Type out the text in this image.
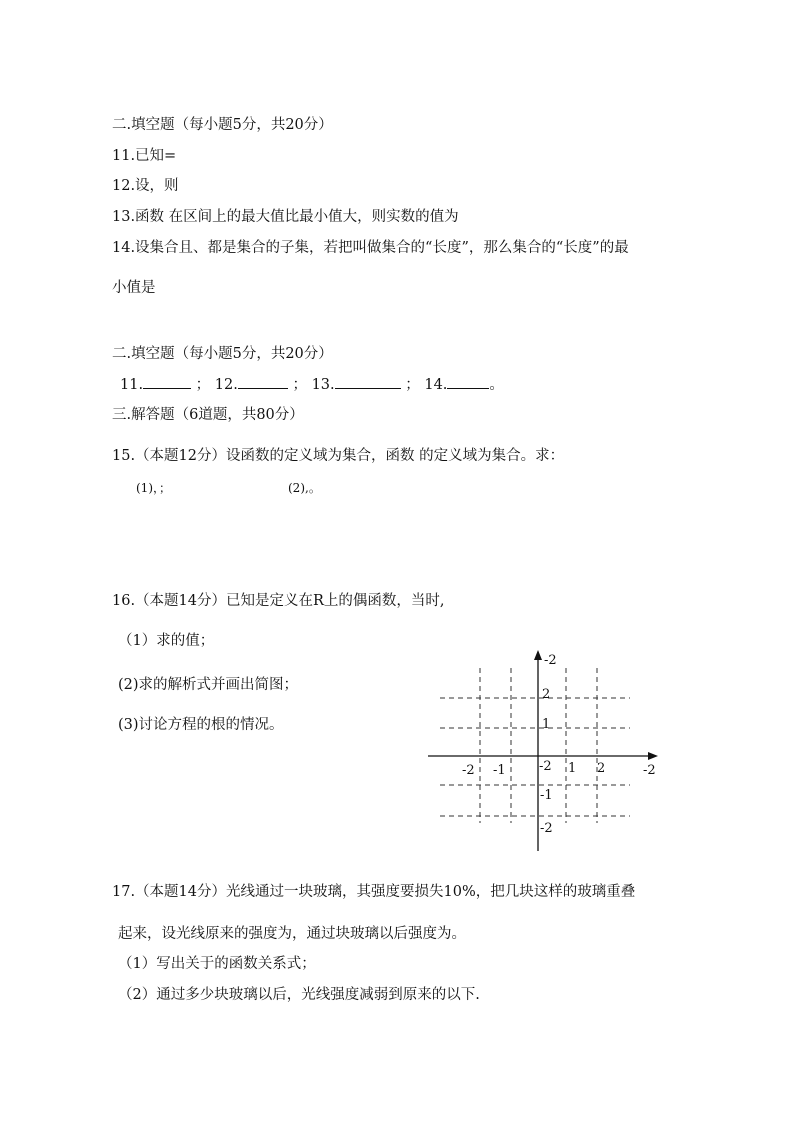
二.填空题（每小题5分，共20分）
11.已知=
12.设，则
13.函数 在区间上的最大值比最小值大，则实数的值为
14.设集合且、都是集合的子集，若把叫做集合的“长度”，那么集合的“长度”的最
小值是
二.填空题（每小题5分，共20分）
11.	； 12.	； 13.	； 14.	。
三.解答题（6道题，共80分）
15.（本题12分）设函数的定义域为集合，函数 的定义域为集合。求：
(1)，；	(2),。
16.（本题14分）已知是定义在R上的偶函数，当时,
（1）求的值；
(2)求的解析式并画出简图；
(3)讨论方程的根的情况。
-2
2
1
-2
-2 -1	1 2	-2
-1
-2
17.（本题14分）光线通过一块玻璃，其强度要损失10%，把几块这样的玻璃重叠
起来，设光线原来的强度为，通过块玻璃以后强度为。
（1）写出关于的函数关系式；
（2）通过多少块玻璃以后，光线强度减弱到原来的以下.
